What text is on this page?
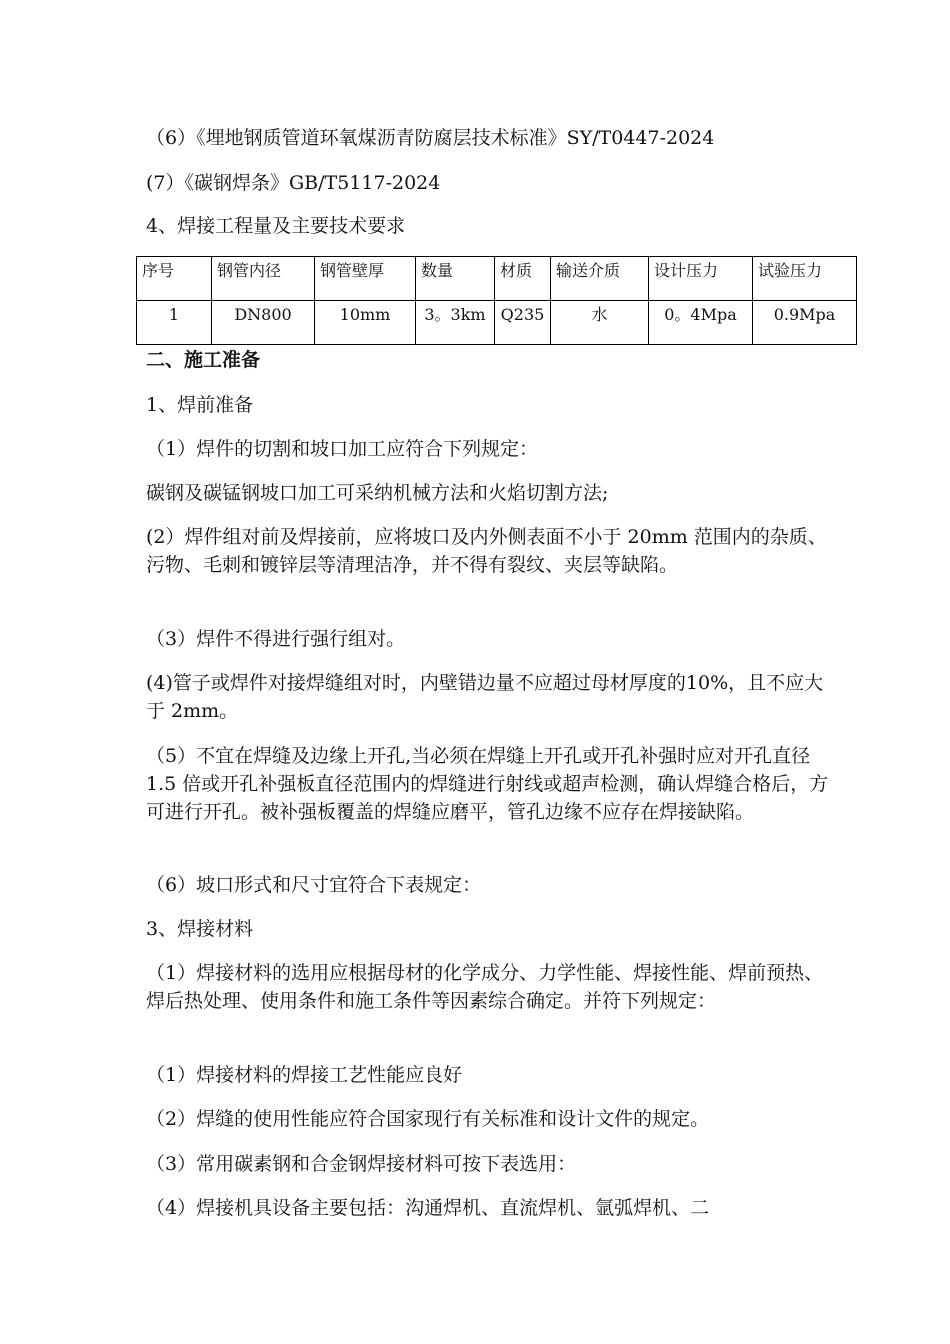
（6）《埋地钢质管道环氧煤沥青防腐层技术标准》SY/T0447-2024
(7）《碳钢焊条》GB/T5117-2024
4、焊接工程量及主要技术要求
序号	钢管内径	钢管壁厚	数量	材质	输送介质	设计压力	试验压力
1	DN800	10mm	3。3km	Q235	水	0。4Mpa	0.9Mpa
二、施工准备
1、焊前准备
（1）焊件的切割和坡口加工应符合下列规定：
碳钢及碳锰钢坡口加工可采纳机械方法和火焰切割方法;
(2）焊件组对前及焊接前，应将坡口及内外侧表面不小于 20mm 范围内的杂质、污物、毛刺和镀锌层等清理洁净，并不得有裂纹、夹层等缺陷。
（3）焊件不得进行强行组对。
(4)管子或焊件对接焊缝组对时，内壁错边量不应超过母材厚度的10%，且不应大于 2mm。
（5）不宜在焊缝及边缘上开孔,当必须在焊缝上开孔或开孔补强时应对开孔直径 1.5 倍或开孔补强板直径范围内的焊缝进行射线或超声检测，确认焊缝合格后，方可进行开孔。被补强板覆盖的焊缝应磨平，管孔边缘不应存在焊接缺陷。
（6）坡口形式和尺寸宜符合下表规定：
3、焊接材料
（1）焊接材料的选用应根据母材的化学成分、力学性能、焊接性能、焊前预热、焊后热处理、使用条件和施工条件等因素综合确定。并符下列规定：
（1）焊接材料的焊接工艺性能应良好
（2）焊缝的使用性能应符合国家现行有关标准和设计文件的规定。
（3）常用碳素钢和合金钢焊接材料可按下表选用：
（4）焊接机具设备主要包括：沟通焊机、直流焊机、氩弧焊机、二
